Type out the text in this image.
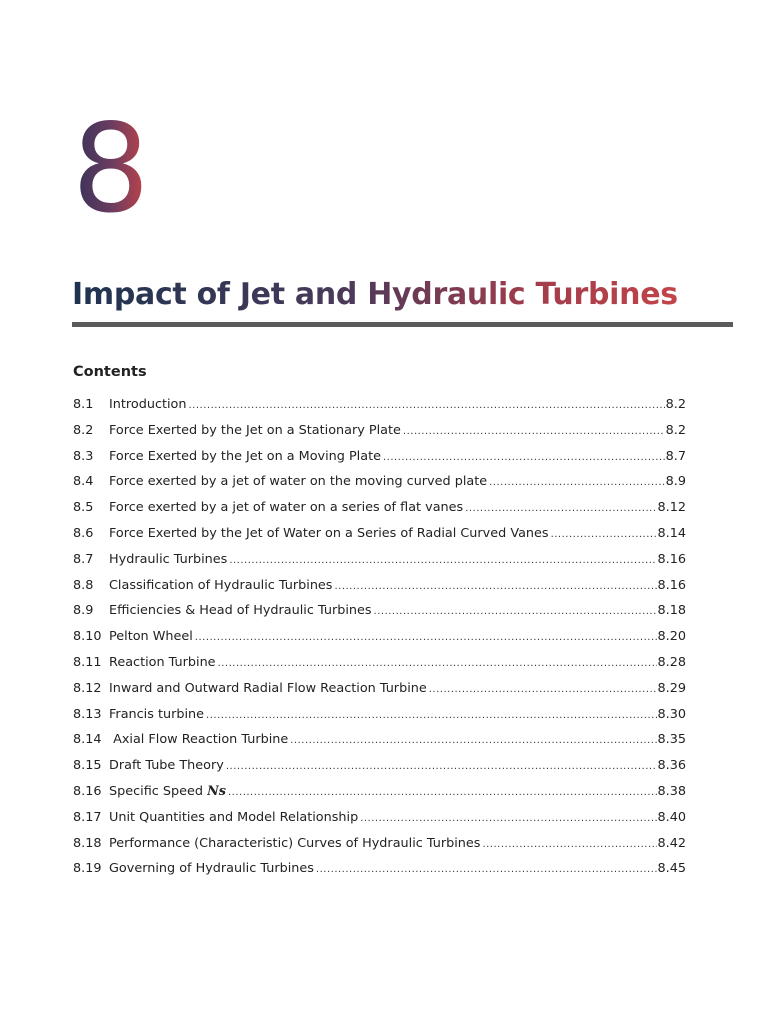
8
Impact of Jet and Hydraulic Turbines
Contents
8.1	Introduction .....	8.2
8.2	Force Exerted by the Jet on a Stationary Plate .....	8.2
8.3	Force Exerted by the Jet on a Moving Plate .....	8.7
8.4	Force exerted by a jet of water on the moving curved plate .....	8.9
8.5	Force exerted by a jet of water on a series of flat vanes .....	8.12
8.6	Force Exerted by the Jet of Water on a Series of Radial Curved Vanes .....	8.14
8.7	Hydraulic Turbines .....	8.16
8.8	Classification of Hydraulic Turbines .....	8.16
8.9	Efficiencies & Head of Hydraulic Turbines .....	8.18
8.10 Pelton Wheel .....	8.20
8.11 Reaction Turbine .....	8.28
8.12 Inward and Outward Radial Flow Reaction Turbine .....	8.29
8.13 Francis turbine .....	8.30
8.14 Axial Flow Reaction Turbine .....	8.35
8.15 Draft Tube Theory .....	8.36
8.16 Specific Speed Ns .....	8.38
8.17 Unit Quantities and Model Relationship .....	8.40
8.18 Performance (Characteristic) Curves of Hydraulic Turbines .....	8.42
8.19 Governing of Hydraulic Turbines .....	8.45
